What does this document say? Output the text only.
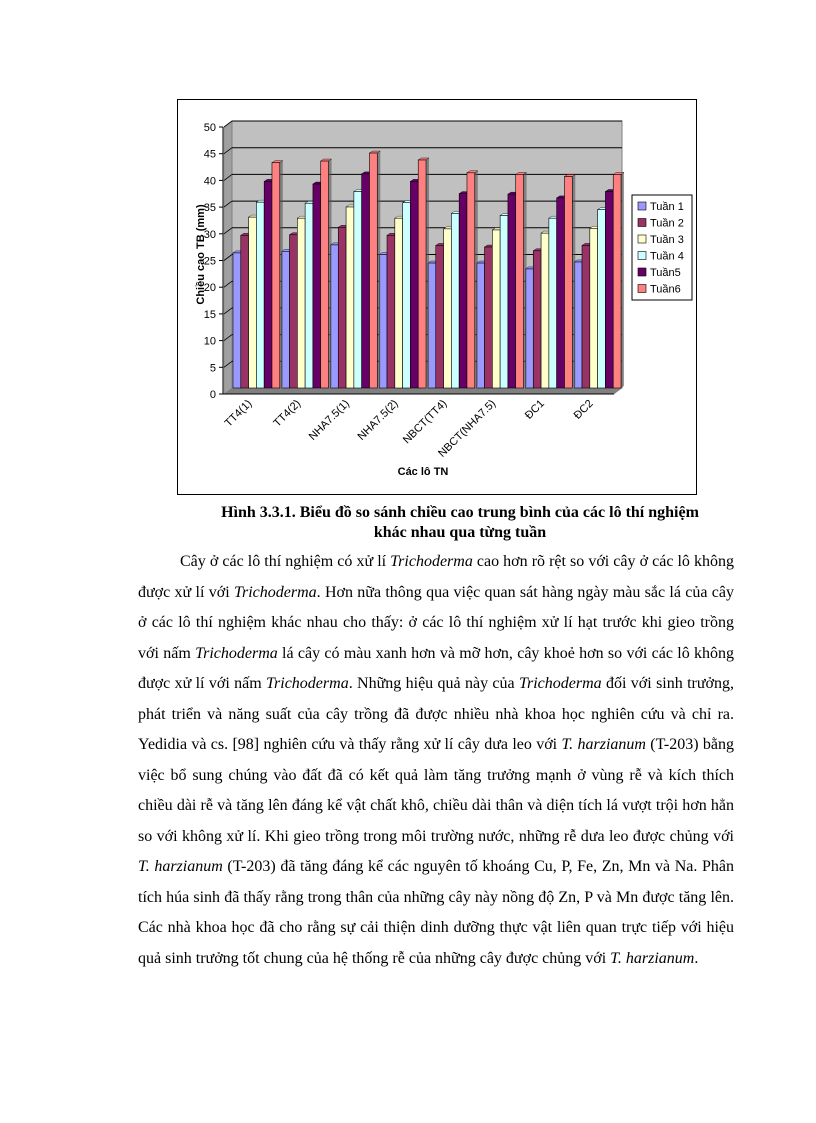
0
5
10
15
20
25
30
35
40
45
50
TT4(1) TT4(2) NHA7.5(1) NHA7.5(2) NBCT(TT4)
NBCT(NHA7.5) ĐC1 ĐC2
Các lô TN
Chiều cao TB (mm)	Tuần 1
Tuần 2
Tuần 3
Tuần 4
Tuần5
Tuần6
Hình 3.3.1. Biểu đồ so sánh chiều cao trung bình của các lô thí nghiệm
khác nhau qua từng tuần

Cây ở các lô thí nghiệm có xử lí Trichoderma cao hơn rõ rệt so với cây ở các lô không được xử lí với Trichoderma. Hơn nữa thông qua việc quan sát hàng ngày màu sắc lá của cây ở các lô thí nghiệm khác nhau cho thấy: ở các lô thí nghiệm xử lí hạt trước khi gieo trồng với nấm Trichoderma lá cây có màu xanh hơn và mỡ hơn, cây khoẻ hơn so với các lô không được xử lí với nấm Trichoderma. Những hiệu quả này của Trichoderma đối với sinh trưởng, phát triển và năng suất của cây trồng đã được nhiều nhà khoa học nghiên cứu và chỉ ra. Yedidia và cs. [98] nghiên cứu và thấy rằng xử lí cây dưa leo với T. harzianum (T-203) bằng việc bổ sung chúng vào đất đã có kết quả làm tăng trưởng mạnh ở vùng rễ và kích thích chiều dài rễ và tăng lên đáng kể vật chất khô, chiều dài thân và diện tích lá vượt trội hơn hẳn so với không xử lí. Khi gieo trồng trong môi trường nước, những rễ dưa leo được chủng với T. harzianum (T-203) đã tăng đáng kể các nguyên tố khoáng Cu, P, Fe, Zn, Mn và Na. Phân tích húa sinh đã thấy rằng trong thân của những cây này nồng độ Zn, P và Mn được tăng lên. Các nhà khoa học đã cho rằng sự cải thiện dinh dưỡng thực vật liên quan trực tiếp với hiệu quả sinh trưởng tốt chung của hệ thống rễ của những cây được chủng với T. harzianum.
